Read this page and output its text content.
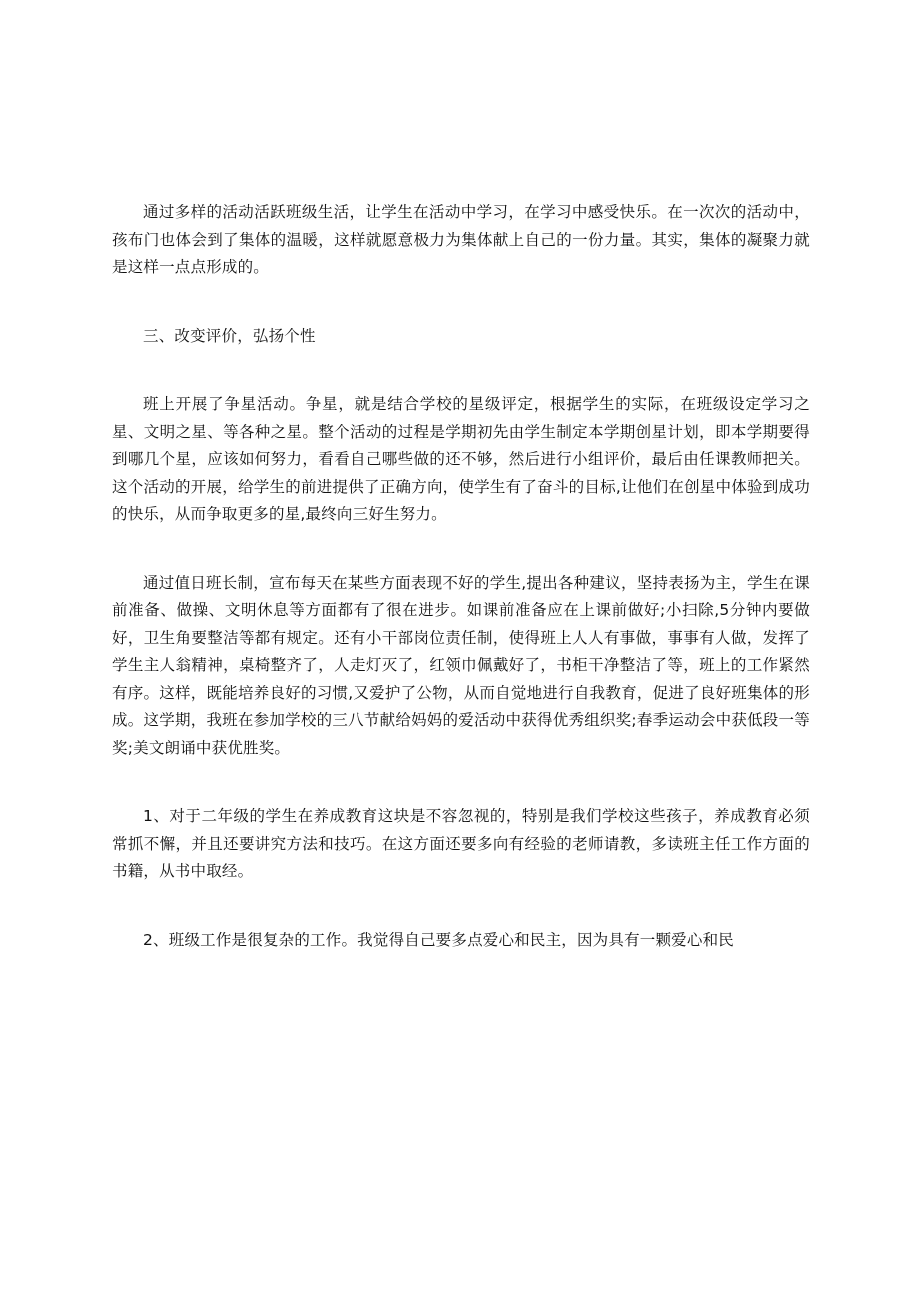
通过多样的活动活跃班级生活，让学生在活动中学习，在学习中感受快乐。在一次次的活动中，孩布门也体会到了集体的温暖，这样就愿意极力为集体献上自己的一份力量。其实，集体的凝聚力就是这样一点点形成的。

三、改变评价，弘扬个性

班上开展了争星活动。争星，就是结合学校的星级评定，根据学生的实际，在班级设定学习之星、文明之星、等各种之星。整个活动的过程是学期初先由学生制定本学期创星计划，即本学期要得到哪几个星，应该如何努力，看看自己哪些做的还不够，然后进行小组评价，最后由任课教师把关。这个活动的开展，给学生的前进提供了正确方向，使学生有了奋斗的目标,让他们在创星中体验到成功的快乐，从而争取更多的星,最终向三好生努力。

通过值日班长制，宣布每天在某些方面表现不好的学生,提出各种建议，坚持表扬为主，学生在课前准备、做操、文明休息等方面都有了很在进步。如课前准备应在上课前做好;小扫除,5分钟内要做好，卫生角要整洁等都有规定。还有小干部岗位责任制，使得班上人人有事做，事事有人做，发挥了学生主人翁精神，桌椅整齐了，人走灯灭了，红领巾佩戴好了，书柜干净整洁了等，班上的工作紧然有序。这样，既能培养良好的习惯,又爱护了公物，从而自觉地进行自我教育，促进了良好班集体的形成。这学期，我班在参加学校的三八节献给妈妈的爱活动中获得优秀组织奖;春季运动会中获低段一等奖;美文朗诵中获优胜奖。

1、对于二年级的学生在养成教育这块是不容忽视的，特别是我们学校这些孩子，养成教育必须常抓不懈，并且还要讲究方法和技巧。在这方面还要多向有经验的老师请教，多读班主任工作方面的书籍，从书中取经。

2、班级工作是很复杂的工作。我觉得自己要多点爱心和民主，因为具有一颗爱心和民
